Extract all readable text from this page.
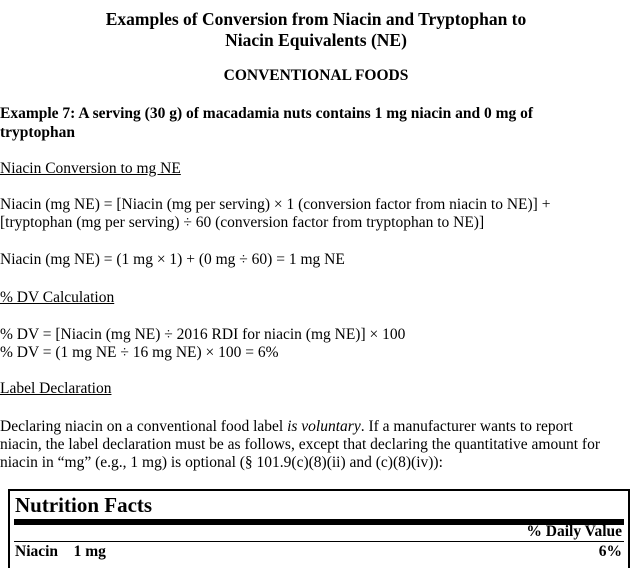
Examples of Conversion from Niacin and Tryptophan to
Niacin Equivalents (NE)
CONVENTIONAL FOODS
Example 7: A serving (30 g) of macadamia nuts contains 1 mg niacin and 0 mg of
tryptophan
Niacin Conversion to mg NE
Niacin (mg NE) = [Niacin (mg per serving) × 1 (conversion factor from niacin to NE)] +
[tryptophan (mg per serving) ÷ 60 (conversion factor from tryptophan to NE)]
Niacin (mg NE) = (1 mg × 1) + (0 mg ÷ 60) = 1 mg NE
% DV Calculation
% DV = [Niacin (mg NE) ÷ 2016 RDI for niacin (mg NE)] × 100
% DV = (1 mg NE ÷ 16 mg NE) × 100 = 6%
Label Declaration
Declaring niacin on a conventional food label is voluntary. If a manufacturer wants to report
niacin, the label declaration must be as follows, except that declaring the quantitative amount for
niacin in “mg” (e.g., 1 mg) is optional (§ 101.9(c)(8)(ii) and (c)(8)(iv)):
Nutrition Facts
% Daily Value
Niacin 1 mg	6%
